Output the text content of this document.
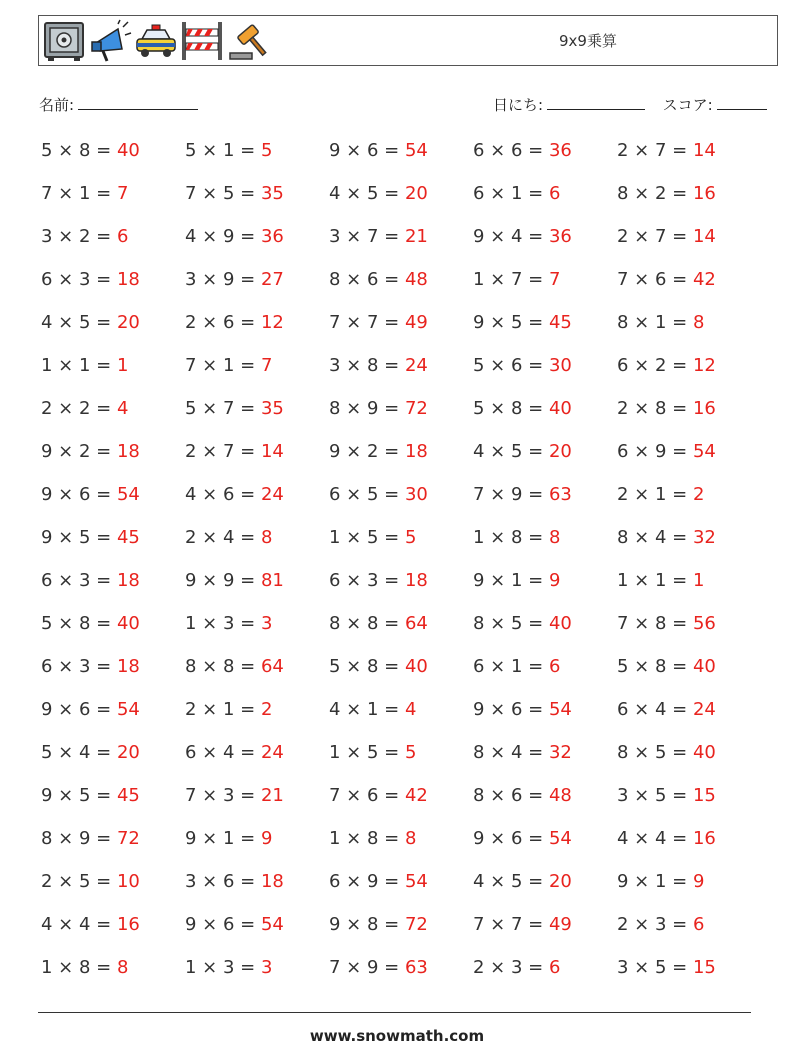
9x9乗算
名前:	日にち:	スコア:
5 × 8 = 40	5 × 1 = 5	9 × 6 = 54	6 × 6 = 36	2 × 7 = 14
7 × 1 = 7	7 × 5 = 35	4 × 5 = 20	6 × 1 = 6	8 × 2 = 16
3 × 2 = 6	4 × 9 = 36	3 × 7 = 21	9 × 4 = 36	2 × 7 = 14
6 × 3 = 18	3 × 9 = 27	8 × 6 = 48	1 × 7 = 7	7 × 6 = 42
4 × 5 = 20	2 × 6 = 12	7 × 7 = 49	9 × 5 = 45	8 × 1 = 8
1 × 1 = 1	7 × 1 = 7	3 × 8 = 24	5 × 6 = 30	6 × 2 = 12
2 × 2 = 4	5 × 7 = 35	8 × 9 = 72	5 × 8 = 40	2 × 8 = 16
9 × 2 = 18	2 × 7 = 14	9 × 2 = 18	4 × 5 = 20	6 × 9 = 54
9 × 6 = 54	4 × 6 = 24	6 × 5 = 30	7 × 9 = 63	2 × 1 = 2
9 × 5 = 45	2 × 4 = 8	1 × 5 = 5	1 × 8 = 8	8 × 4 = 32
6 × 3 = 18	9 × 9 = 81	6 × 3 = 18	9 × 1 = 9	1 × 1 = 1
5 × 8 = 40	1 × 3 = 3	8 × 8 = 64	8 × 5 = 40	7 × 8 = 56
6 × 3 = 18	8 × 8 = 64	5 × 8 = 40	6 × 1 = 6	5 × 8 = 40
9 × 6 = 54	2 × 1 = 2	4 × 1 = 4	9 × 6 = 54	6 × 4 = 24
5 × 4 = 20	6 × 4 = 24	1 × 5 = 5	8 × 4 = 32	8 × 5 = 40
9 × 5 = 45	7 × 3 = 21	7 × 6 = 42	8 × 6 = 48	3 × 5 = 15
8 × 9 = 72	9 × 1 = 9	1 × 8 = 8	9 × 6 = 54	4 × 4 = 16
2 × 5 = 10	3 × 6 = 18	6 × 9 = 54	4 × 5 = 20	9 × 1 = 9
4 × 4 = 16	9 × 6 = 54	9 × 8 = 72	7 × 7 = 49	2 × 3 = 6
1 × 8 = 8	1 × 3 = 3	7 × 9 = 63	2 × 3 = 6	3 × 5 = 15
www.snowmath.com
